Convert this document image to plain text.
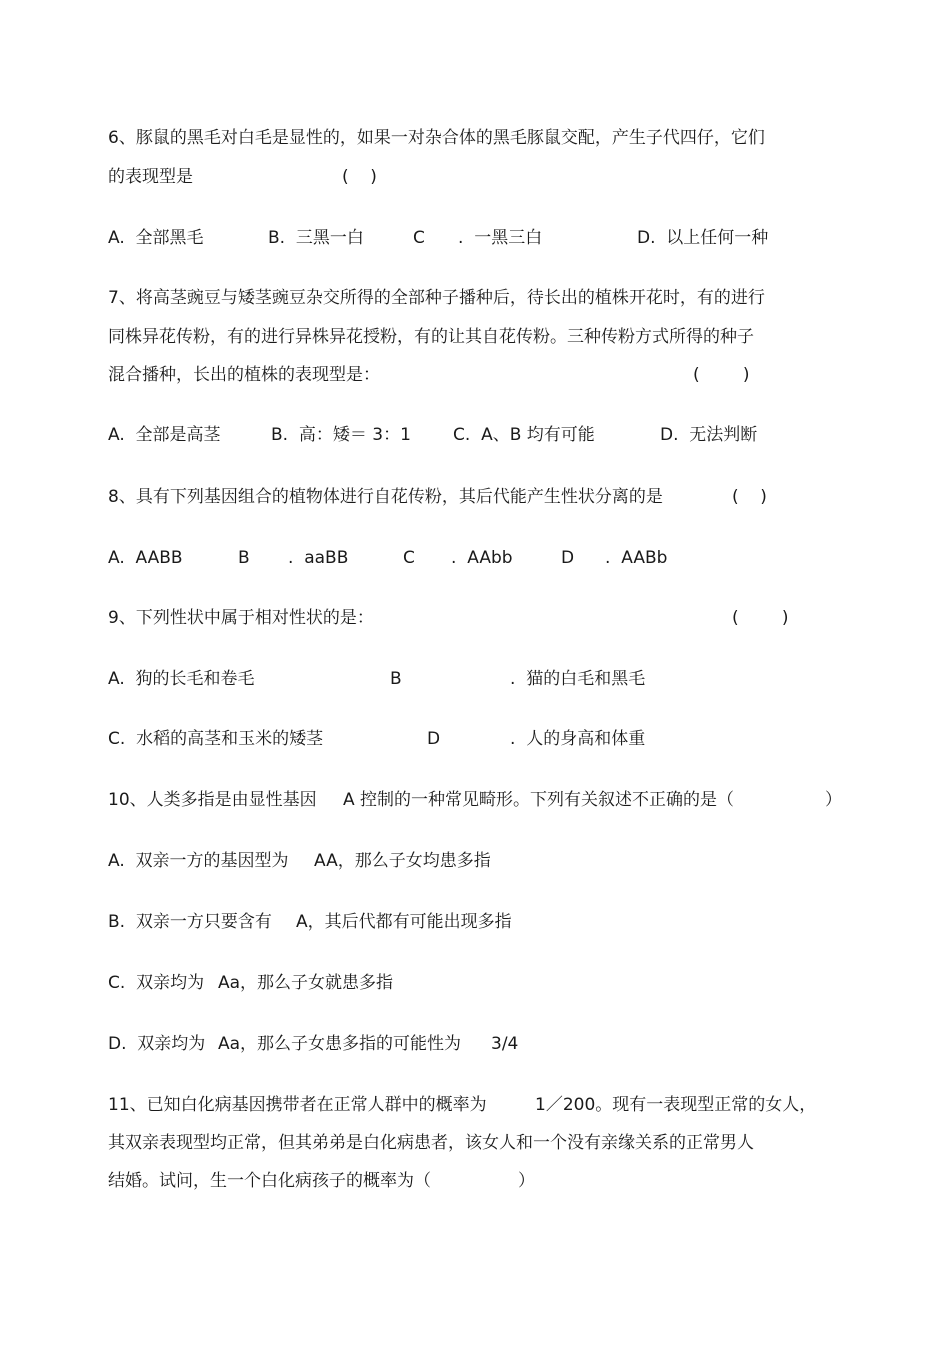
6、豚鼠的黑毛对白毛是显性的，如果一对杂合体的黑毛豚鼠交配，产生子代四仔，它们
的表现型是	(    )
A.  全部黑毛	B.  三黑一白	C .  一黑三白	D.  以上任何一种
7、将高茎豌豆与矮茎豌豆杂交所得的全部种子播种后，待长出的植株开花时，有的进行
同株异花传粉，有的进行异株异花授粉，有的让其自花传粉。三种传粉方式所得的种子
混合播种，长出的植株的表现型是：	(        )
A.  全部是高茎	B.  高：矮＝ 3：1 C.  A、B 均有可能	D.  无法判断
8、具有下列基因组合的植物体进行自花传粉，其后代能产生性状分离的是	(    )
A.  AABB	B .  aaBB	C .  AAbb	D .  AABb
9、下列性状中属于相对性状的是：	(        )
A.  狗的长毛和卷毛	B	.  猫的白毛和黑毛
C.  水稻的高茎和玉米的矮茎	D	.  人的身高和体重
10、人类多指是由显性基因 A 控制的一种常见畸形。下列有关叙述不正确的是（	）
A.  双亲一方的基因型为 AA，那么子女均患多指
B.  双亲一方只要含有 A，其后代都有可能出现多指
C.  双亲均为 Aa，那么子女就患多指
D.  双亲均为 Aa，那么子女患多指的可能性为 3/4
11、已知白化病基因携带者在正常人群中的概率为	1／200。现有一表现型正常的女人，
其双亲表现型均正常，但其弟弟是白化病患者，该女人和一个没有亲缘关系的正常男人
结婚。试问，生一个白化病孩子的概率为（	）
